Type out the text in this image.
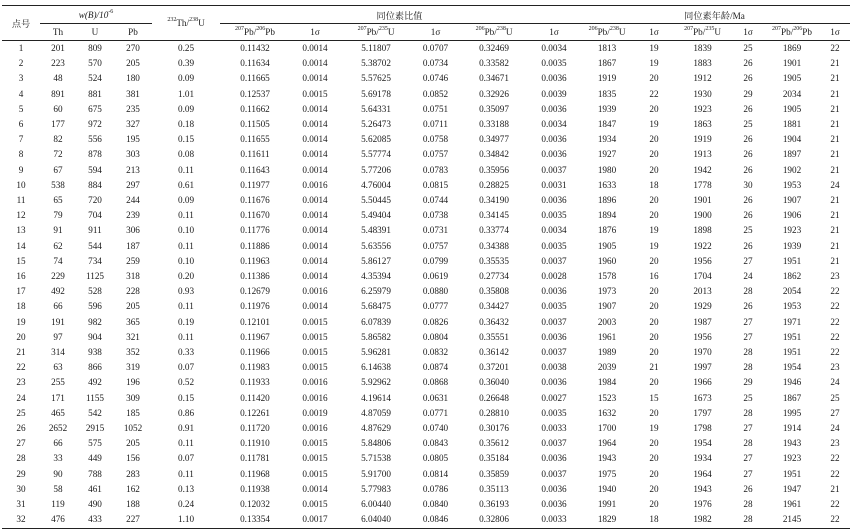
点号	$w(B)/10^{-6}$			$^{232}$Th/$^{238}$U	同位素比值						同位素年龄/Ma					
	Th	U	Pb		$^{207}$Pb/$^{206}$Pb	1σ	$^{207}$Pb/$^{235}$U	1σ	$^{206}$Pb/$^{238}$U	1σ	$^{206}$Pb/$^{238}$U	1σ	$^{207}$Pb/$^{235}$U	1σ	$^{207}$Pb/$^{206}$Pb	1σ
1	201	809	270	0.25	0.11432	0.0014	5.11807	0.0707	0.32469	0.0034	1813	19	1839	25	1869	22
2	223	570	205	0.39	0.11634	0.0014	5.38702	0.0734	0.33582	0.0035	1867	19	1883	26	1901	21
3	48	524	180	0.09	0.11665	0.0014	5.57625	0.0746	0.34671	0.0036	1919	20	1912	26	1905	21
4	891	881	381	1.01	0.12537	0.0015	5.69178	0.0852	0.32926	0.0039	1835	22	1930	29	2034	21
5	60	675	235	0.09	0.11662	0.0014	5.64331	0.0751	0.35097	0.0036	1939	20	1923	26	1905	21
6	177	972	327	0.18	0.11505	0.0014	5.26473	0.0711	0.33188	0.0034	1847	19	1863	25	1881	21
7	82	556	195	0.15	0.11655	0.0014	5.62085	0.0758	0.34977	0.0036	1934	20	1919	26	1904	21
8	72	878	303	0.08	0.11611	0.0014	5.57774	0.0757	0.34842	0.0036	1927	20	1913	26	1897	21
9	67	594	213	0.11	0.11643	0.0014	5.77206	0.0783	0.35956	0.0037	1980	20	1942	26	1902	21
10	538	884	297	0.61	0.11977	0.0016	4.76004	0.0815	0.28825	0.0031	1633	18	1778	30	1953	24
11	65	720	244	0.09	0.11676	0.0014	5.50445	0.0744	0.34190	0.0036	1896	20	1901	26	1907	21
12	79	704	239	0.11	0.11670	0.0014	5.49404	0.0738	0.34145	0.0035	1894	20	1900	26	1906	21
13	91	911	306	0.10	0.11776	0.0014	5.48391	0.0731	0.33774	0.0034	1876	19	1898	25	1923	21
14	62	544	187	0.11	0.11886	0.0014	5.63556	0.0757	0.34388	0.0035	1905	19	1922	26	1939	21
15	74	734	259	0.10	0.11963	0.0014	5.86127	0.0799	0.35535	0.0037	1960	20	1956	27	1951	21
16	229	1125	318	0.20	0.11386	0.0014	4.35394	0.0619	0.27734	0.0028	1578	16	1704	24	1862	23
17	492	528	228	0.93	0.12679	0.0016	6.25979	0.0880	0.35808	0.0036	1973	20	2013	28	2054	22
18	66	596	205	0.11	0.11976	0.0014	5.68475	0.0777	0.34427	0.0035	1907	20	1929	26	1953	22
19	191	982	365	0.19	0.12101	0.0015	6.07839	0.0826	0.36432	0.0037	2003	20	1987	27	1971	22
20	97	904	321	0.11	0.11967	0.0015	5.86582	0.0804	0.35551	0.0036	1961	20	1956	27	1951	22
21	314	938	352	0.33	0.11966	0.0015	5.96281	0.0832	0.36142	0.0037	1989	20	1970	28	1951	22
22	63	866	319	0.07	0.11983	0.0015	6.14638	0.0874	0.37201	0.0038	2039	21	1997	28	1954	23
23	255	492	196	0.52	0.11933	0.0016	5.92962	0.0868	0.36040	0.0036	1984	20	1966	29	1946	24
24	171	1155	309	0.15	0.11420	0.0016	4.19614	0.0631	0.26648	0.0027	1523	15	1673	25	1867	25
25	465	542	185	0.86	0.12261	0.0019	4.87059	0.0771	0.28810	0.0035	1632	20	1797	28	1995	27
26	2652	2915	1052	0.91	0.11720	0.0016	4.87629	0.0740	0.30176	0.0033	1700	19	1798	27	1914	24
27	66	575	205	0.11	0.11910	0.0015	5.84806	0.0843	0.35612	0.0037	1964	20	1954	28	1943	23
28	33	449	156	0.07	0.11781	0.0015	5.71538	0.0805	0.35184	0.0036	1943	20	1934	27	1923	22
29	90	788	283	0.11	0.11968	0.0015	5.91700	0.0814	0.35859	0.0037	1975	20	1964	27	1951	22
30	58	461	162	0.13	0.11938	0.0014	5.77983	0.0786	0.35113	0.0036	1940	20	1943	26	1947	21
31	119	490	188	0.24	0.12032	0.0015	6.00440	0.0840	0.36193	0.0036	1991	20	1976	28	1961	22
32	476	433	227	1.10	0.13354	0.0017	6.04040	0.0846	0.32806	0.0033	1829	18	1982	28	2145	22
